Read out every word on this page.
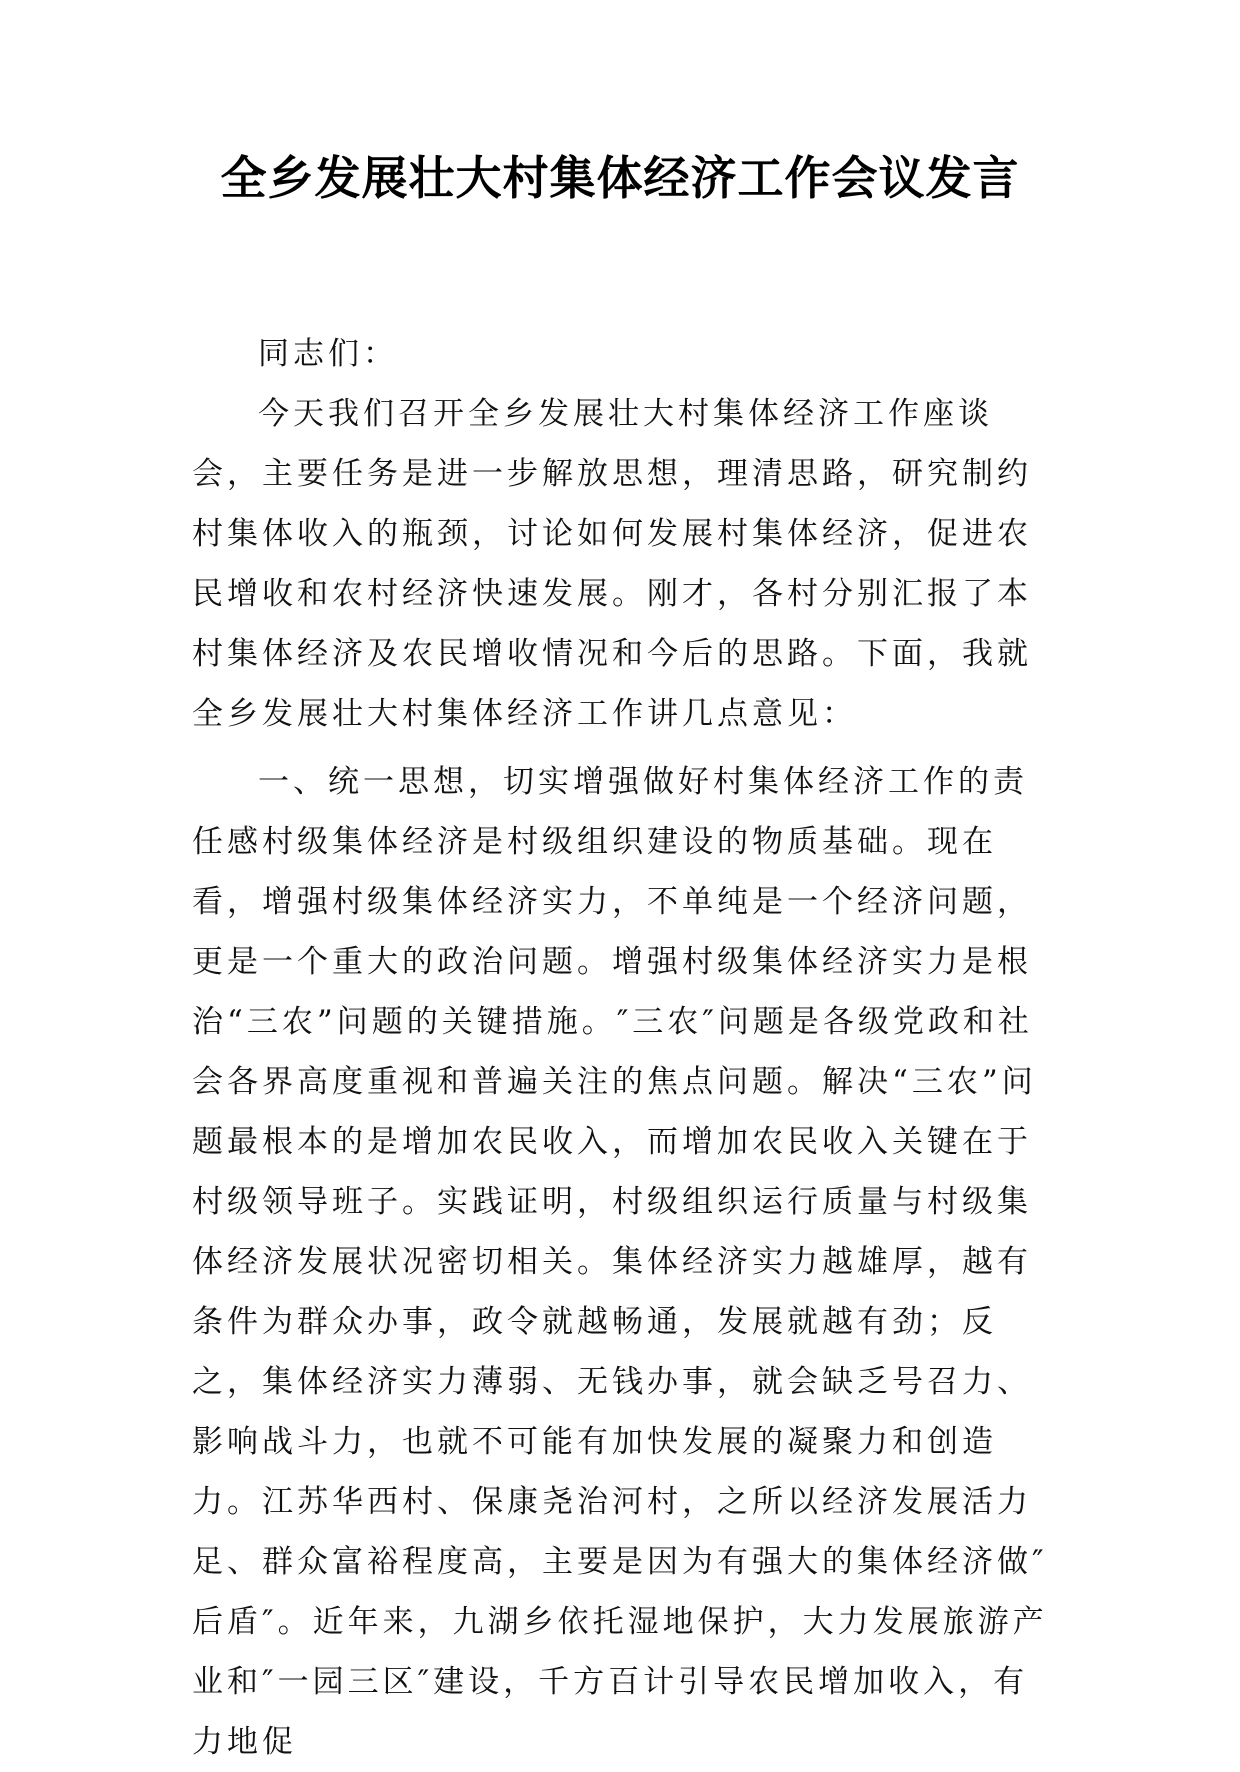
全乡发展壮大村集体经济工作会议发言

同志们：

今天我们召开全乡发展壮大村集体经济工作座谈会，主要任务是进一步解放思想，理清思路，研究制约村集体收入的瓶颈，讨论如何发展村集体经济，促进农民增收和农村经济快速发展。刚才，各村分别汇报了本村集体经济及农民增收情况和今后的思路。下面，我就全乡发展壮大村集体经济工作讲几点意见：

一、统一思想，切实增强做好村集体经济工作的责任感村级集体经济是村级组织建设的物质基础。现在看，增强村级集体经济实力，不单纯是一个经济问题，更是一个重大的政治问题。增强村级集体经济实力是根治“三农”问题的关键措施。″三农″问题是各级党政和社会各界高度重视和普遍关注的焦点问题。解决“三农”问题最根本的是增加农民收入，而增加农民收入关键在于村级领导班子。实践证明，村级组织运行质量与村级集体经济发展状况密切相关。集体经济实力越雄厚，越有条件为群众办事，政令就越畅通，发展就越有劲；反之，集体经济实力薄弱、无钱办事，就会缺乏号召力、影响战斗力，也就不可能有加快发展的凝聚力和创造力。江苏华西村、保康尧治河村，之所以经济发展活力足、群众富裕程度高，主要是因为有强大的集体经济做″后盾″。近年来，九湖乡依托湿地保护，大力发展旅游产业和″一园三区″建设，千方百计引导农民增加收入，有力地促
